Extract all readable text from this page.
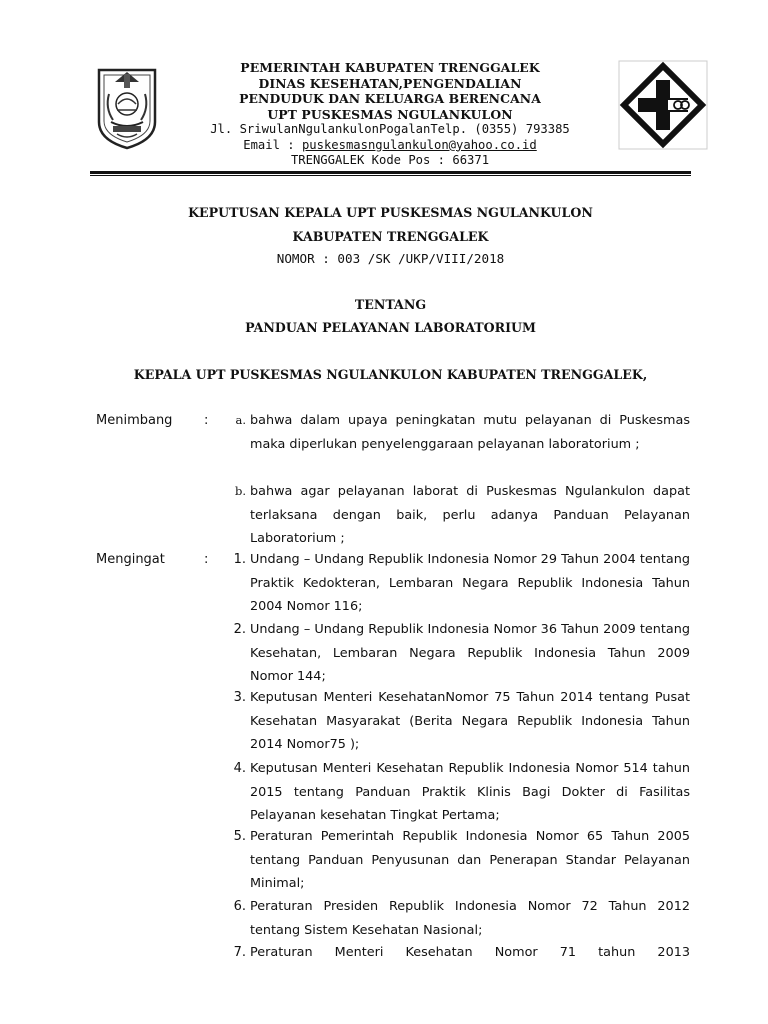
PEMERINTAH KABUPATEN TRENGGALEK
DINAS KESEHATAN,PENGENDALIAN
PENDUDUK DAN KELUARGA BERENCANA
UPT PUSKESMAS NGULANKULON
Jl. SriwulanNgulankulonPogalanTelp. (0355) 793385
Email : puskesmasngulankulon@yahoo.co.id
TRENGGALEK Kode Pos : 66371
KEPUTUSAN KEPALA UPT PUSKESMAS NGULANKULON
KABUPATEN TRENGGALEK
NOMOR : 003 /SK /UKP/VIII/2018
TENTANG
PANDUAN PELAYANAN LABORATORIUM
KEPALA UPT PUSKESMAS NGULANKULON KABUPATEN TRENGGALEK,
Menimbang :	a. bahwa dalam upaya peningkatan mutu pelayanan di Puskesmas maka diperlukan penyelenggaraan pelayanan laboratorium ;
b. bahwa agar pelayanan laborat di Puskesmas Ngulankulon dapat terlaksana dengan baik, perlu adanya Panduan Pelayanan Laboratorium ;
Mengingat	:	1. Undang – Undang Republik Indonesia Nomor 29 Tahun 2004 tentang Praktik Kedokteran, Lembaran Negara Republik Indonesia Tahun 2004 Nomor 116;
2. Undang – Undang Republik Indonesia Nomor 36 Tahun 2009 tentang Kesehatan, Lembaran Negara Republik Indonesia Tahun 2009 Nomor 144;
3. Keputusan Menteri KesehatanNomor 75 Tahun 2014 tentang Pusat Kesehatan Masyarakat (Berita Negara Republik Indonesia Tahun 2014 Nomor75 );
4. Keputusan Menteri Kesehatan Republik Indonesia Nomor 514 tahun 2015 tentang Panduan Praktik Klinis Bagi Dokter di Fasilitas Pelayanan kesehatan Tingkat Pertama;
5. Peraturan Pemerintah Republik Indonesia Nomor 65 Tahun 2005 tentang Panduan Penyusunan dan Penerapan Standar Pelayanan Minimal;
6. Peraturan Presiden Republik Indonesia Nomor 72 Tahun 2012 tentang Sistem Kesehatan Nasional;
7. Peraturan Menteri Kesehatan Nomor 71 tahun 2013
